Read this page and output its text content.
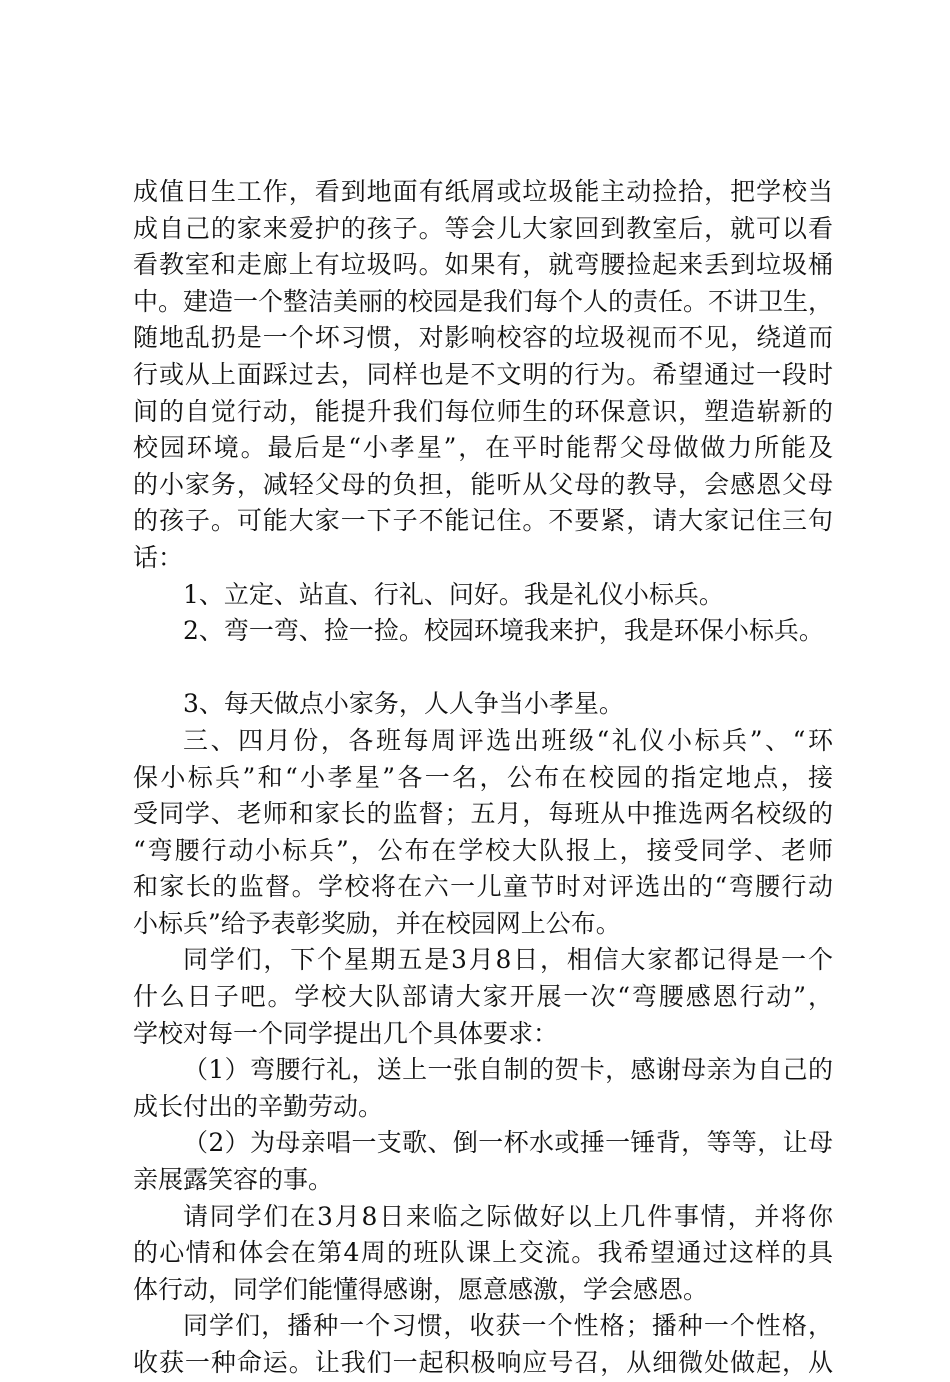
成值日生工作，看到地面有纸屑或垃圾能主动捡拾，把学校当
成自己的家来爱护的孩子。等会儿大家回到教室后，就可以看
看教室和走廊上有垃圾吗。如果有，就弯腰捡起来丢到垃圾桶
中。建造一个整洁美丽的校园是我们每个人的责任。不讲卫生，
随地乱扔是一个坏习惯，对影响校容的垃圾视而不见，绕道而
行或从上面踩过去，同样也是不文明的行为。希望通过一段时
间的自觉行动，能提升我们每位师生的环保意识，塑造崭新的
校园环境。最后是“小孝星”，在平时能帮父母做做力所能及
的小家务，减轻父母的负担，能听从父母的教导，会感恩父母
的孩子。可能大家一下子不能记住。不要紧，请大家记住三句
话：
1、立定、站直、行礼、问好。我是礼仪小标兵。
2、弯一弯、捡一捡。校园环境我来护，我是环保小标兵。
3、每天做点小家务，人人争当小孝星。
三、四月份，各班每周评选出班级“礼仪小标兵”、“环
保小标兵”和“小孝星”各一名，公布在校园的指定地点，接
受同学、老师和家长的监督；五月，每班从中推选两名校级的
“弯腰行动小标兵”，公布在学校大队报上，接受同学、老师
和家长的监督。学校将在六一儿童节时对评选出的“弯腰行动
小标兵”给予表彰奖励，并在校园网上公布。
同学们，下个星期五是3月8日，相信大家都记得是一个
什么日子吧。学校大队部请大家开展一次“弯腰感恩行动”，
学校对每一个同学提出几个具体要求：
（1）弯腰行礼，送上一张自制的贺卡，感谢母亲为自己的
成长付出的辛勤劳动。
（2）为母亲唱一支歌、倒一杯水或捶一锤背，等等，让母
亲展露笑容的事。
请同学们在3月8日来临之际做好以上几件事情，并将你
的心情和体会在第4周的班队课上交流。我希望通过这样的具
体行动，同学们能懂得感谢，愿意感激，学会感恩。
同学们，播种一个习惯，收获一个性格；播种一个性格，
收获一种命运。让我们一起积极响应号召，从细微处做起，从
